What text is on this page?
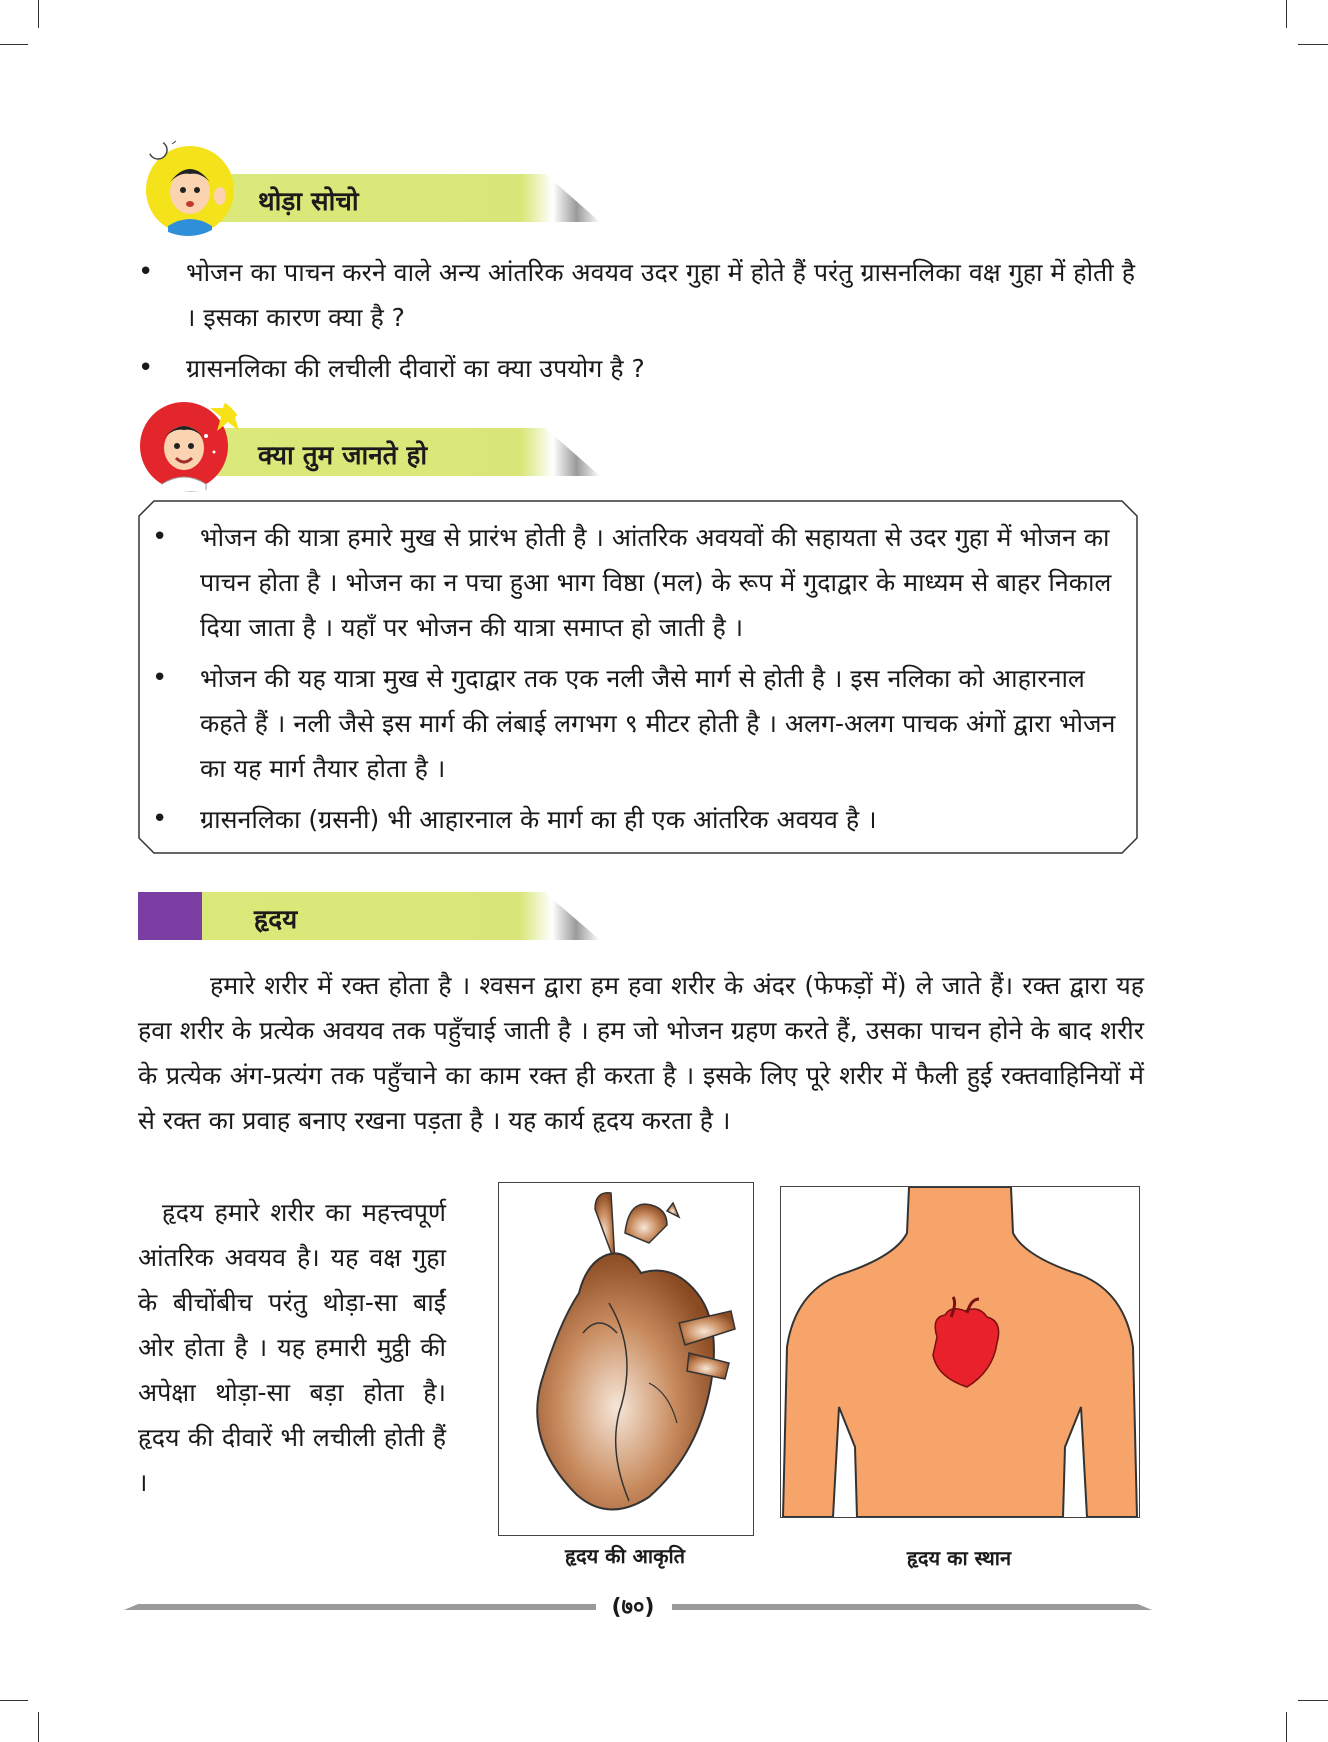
थोड़ा सोचो
• भोजन का पाचन करने वाले अन्य आंतरिक अवयव उदर गुहा में होते हैं परंतु ग्रासनलिका वक्ष गुहा में होती है । इसका कारण क्या है ?
• ग्रासनलिका की लचीली दीवारों का क्या उपयोग है ?
क्या तुम जानते हो
• भोजन की यात्रा हमारे मुख से प्रारंभ होती है । आंतरिक अवयवों की सहायता से उदर गुहा में भोजन का पाचन होता है । भोजन का न पचा हुआ भाग विष्ठा (मल) के रूप में गुदाद्वार के माध्यम से बाहर निकाल दिया जाता है । यहाँ पर भोजन की यात्रा समाप्त हो जाती है ।
• भोजन की यह यात्रा मुख से गुदाद्वार तक एक नली जैसे मार्ग से होती है । इस नलिका को आहारनाल कहते हैं । नली जैसे इस मार्ग की लंबाई लगभग ९ मीटर होती है । अलग-अलग पाचक अंगों द्वारा भोजन का यह मार्ग तैयार होता है ।
• ग्रासनलिका (ग्रसनी) भी आहारनाल के मार्ग का ही एक आंतरिक अवयव है ।
हृदय
हमारे शरीर में रक्त होता है । श्वसन द्वारा हम हवा शरीर के अंदर (फेफड़ों में) ले जाते हैं। रक्त द्वारा यह हवा शरीर के प्रत्येक अवयव तक पहुँचाई जाती है । हम जो भोजन ग्रहण करते हैं, उसका पाचन होने के बाद शरीर के प्रत्येक अंग-प्रत्यंग तक पहुँचाने का काम रक्त ही करता है । इसके लिए पूरे शरीर में फैली हुई रक्तवाहिनियों में से रक्त का प्रवाह बनाए रखना पड़ता है । यह कार्य हृदय करता है ।
हृदय हमारे शरीर का महत्त्वपूर्ण आंतरिक अवयव है। यह वक्ष गुहा के बीचोंबीच परंतु थोड़ा-सा बाईं ओर होता है । यह हमारी मुट्ठी की अपेक्षा थोड़ा-सा बड़ा होता है। हृदय की दीवारें भी लचीली होती हैं ।
हृदय की आकृति	हृदय का स्थान
(७०)
